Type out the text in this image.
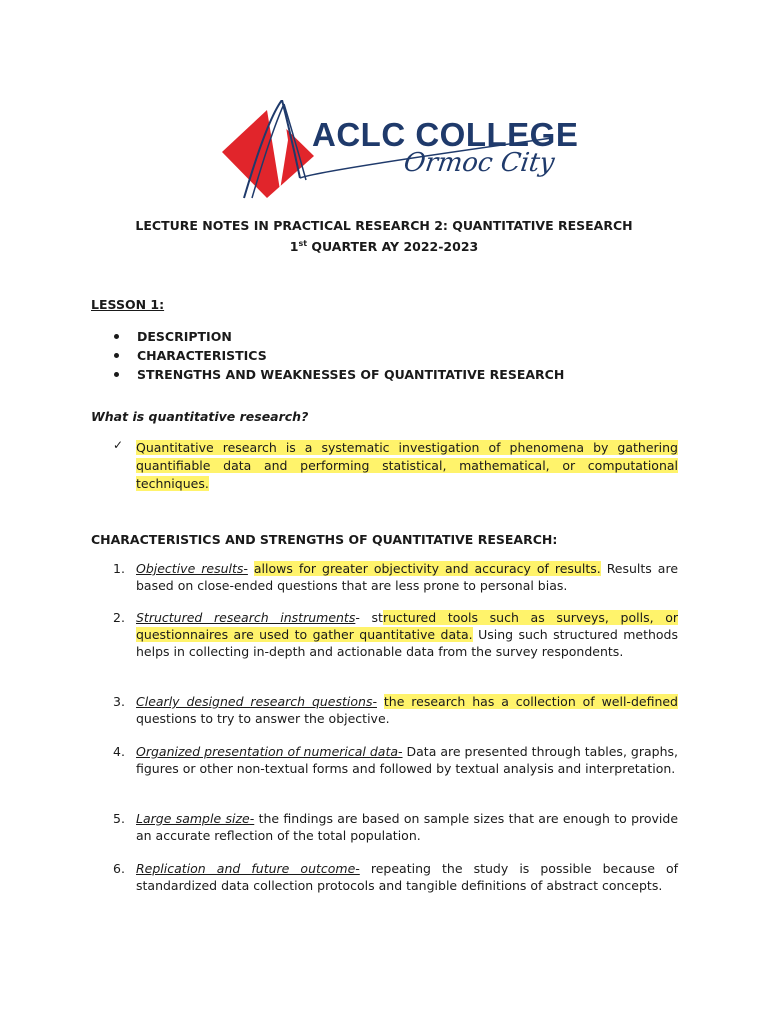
ACLC COLLEGE
Ormoc City
LECTURE NOTES IN PRACTICAL RESEARCH 2: QUANTITATIVE RESEARCH
1st QUARTER AY 2022-2023
LESSON 1:
DESCRIPTION
CHARACTERISTICS
STRENGTHS AND WEAKNESSES OF QUANTITATIVE RESEARCH
What is quantitative research?
✓ Quantitative research is a systematic investigation of phenomena by gathering quantifiable data and performing statistical, mathematical, or computational techniques.
CHARACTERISTICS AND STRENGTHS OF QUANTITATIVE RESEARCH:
1. Objective results- allows for greater objectivity and accuracy of results. Results are based on close-ended questions that are less prone to personal bias.
2. Structured research instruments- structured tools such as surveys, polls, or questionnaires are used to gather quantitative data. Using such structured methods helps in collecting in-depth and actionable data from the survey respondents.
3. Clearly designed research questions- the research has a collection of well-defined questions to try to answer the objective.
4. Organized presentation of numerical data- Data are presented through tables, graphs, figures or other non-textual forms and followed by textual analysis and interpretation.
5. Large sample size- the findings are based on sample sizes that are enough to provide an accurate reflection of the total population.
6. Replication and future outcome- repeating the study is possible because of standardized data collection protocols and tangible definitions of abstract concepts.
